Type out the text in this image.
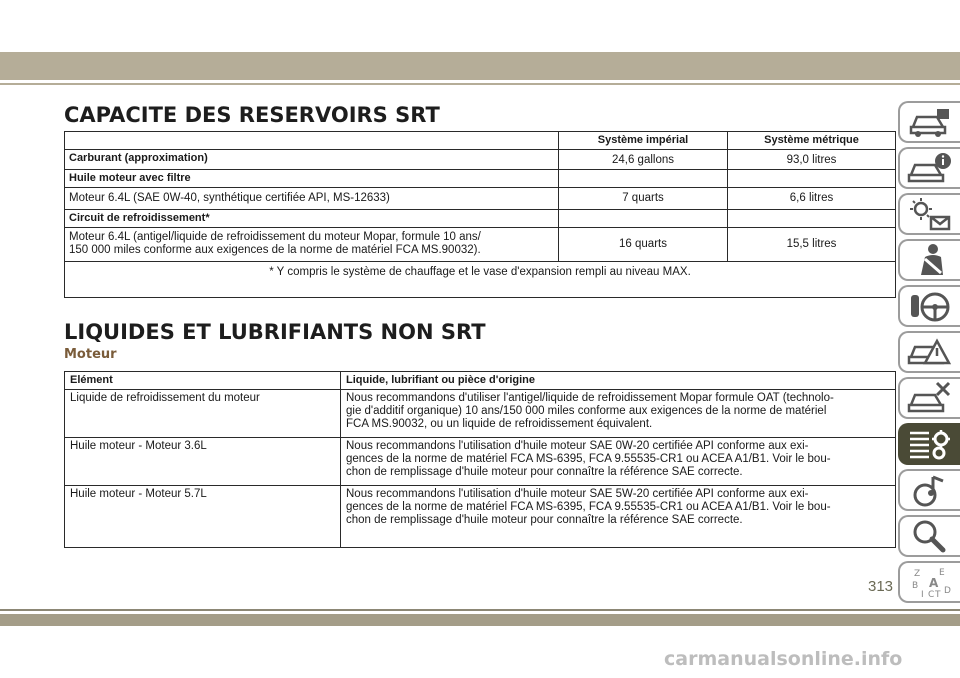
CAPACITE DES RESERVOIRS SRT
	Système impérial	Système métrique
Carburant (approximation)	24,6 gallons	93,0 litres
Huile moteur avec filtre		
Moteur 6.4L (SAE 0W-40, synthétique certifiée API, MS-12633)	7 quarts	6,6 litres
Circuit de refroidissement*		
Moteur 6.4L (antigel/liquide de refroidissement du moteur Mopar, formule 10 ans/
150 000 miles conforme aux exigences de la norme de matériel FCA MS.90032).	16 quarts	15,5 litres
* Y compris le système de chauffage et le vase d'expansion rempli au niveau MAX.		
LIQUIDES ET LUBRIFIANTS NON SRT
Moteur
Elément	Liquide, lubrifiant ou pièce d'origine
Liquide de refroidissement du moteur	Nous recommandons d'utiliser l'antigel/liquide de refroidissement Mopar formule OAT (technolo-
gie d'additif organique) 10 ans/150 000 miles conforme aux exigences de la norme de matériel
FCA MS.90032, ou un liquide de refroidissement équivalent.
Huile moteur - Moteur 3.6L	Nous recommandons l'utilisation d'huile moteur SAE 0W-20 certifiée API conforme aux exi-
gences de la norme de matériel FCA MS-6395, FCA 9.55535-CR1 ou ACEA A1/B1. Voir le bou-
chon de remplissage d'huile moteur pour connaître la référence SAE correcte.
Huile moteur - Moteur 5.7L	Nous recommandons l'utilisation d'huile moteur SAE 5W-20 certifiée API conforme aux exi-
gences de la norme de matériel FCA MS-6395, FCA 9.55535-CR1 ou ACEA A1/B1. Voir le bou-
chon de remplissage d'huile moteur pour connaître la référence SAE correcte.
Z E
B A
I C T D
313
carmanualsonline.info
